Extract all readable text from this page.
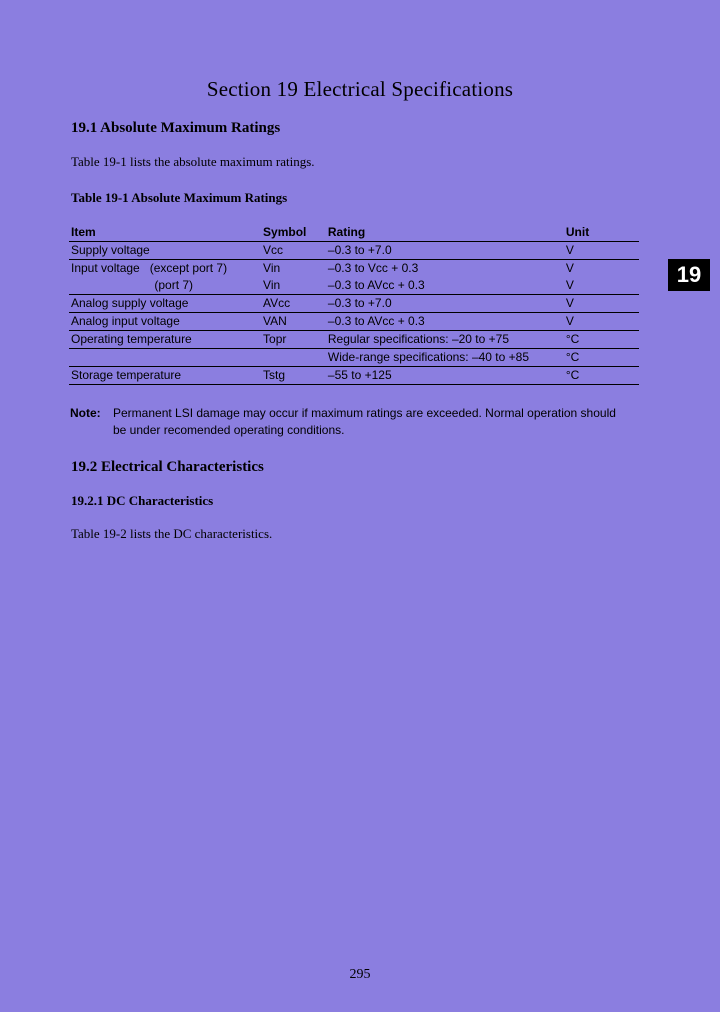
Section 19 Electrical Specifications
19.1 Absolute Maximum Ratings
Table 19-1 lists the absolute maximum ratings.
Table 19-1 Absolute Maximum Ratings
Item	Symbol	Rating	Unit
Supply voltage	Vcc	–0.3 to +7.0	V
Input voltage   (except port 7)	Vin	–0.3 to Vcc + 0.3	V
(port 7)	Vin	–0.3 to AVcc + 0.3	V
Analog supply voltage	AVcc	–0.3 to +7.0	V
Analog input voltage	VAN	–0.3 to AVcc + 0.3	V
Operating temperature	Topr	Regular specifications: –20 to +75	°C
		Wide-range specifications: –40 to +85	°C
Storage temperature	Tstg	–55 to +125	°C
Note: Permanent LSI damage may occur if maximum ratings are exceeded. Normal operation should be under recomended operating conditions.
19.2 Electrical Characteristics
19.2.1 DC Characteristics
Table 19-2 lists the DC characteristics.
19
295
